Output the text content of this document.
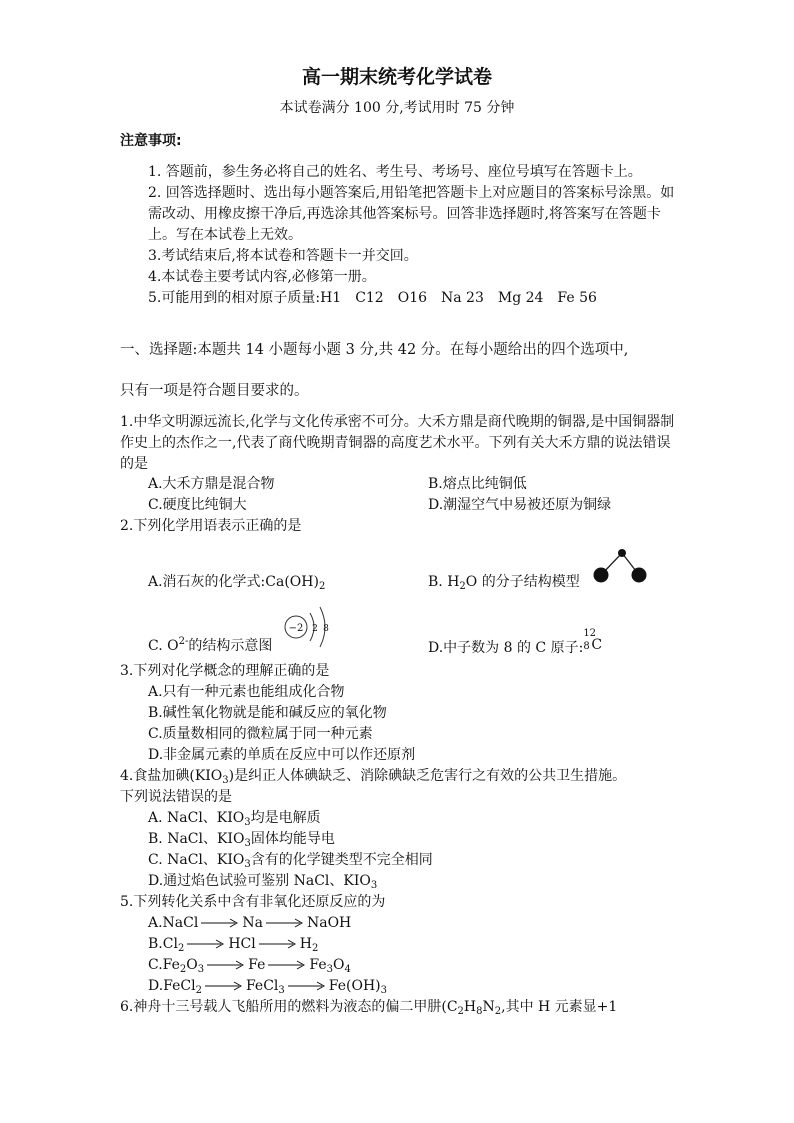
高一期末统考化学试卷
本试卷满分 100 分,考试用时 75 分钟
注意事项:

1. 答题前，参生务必将自己的姓名、考生号、考场号、座位号填写在答题卡上。

2. 回答选择题时、选出每小题答案后,用铅笔把答题卡上对应题目的答案标号涂黑。如需改动、用橡皮擦干净后,再选涂其他答案标号。回答非选择题时,将答案写在答题卡上。写在本试卷上无效。

3.考试结束后,将本试卷和答题卡一并交回。

4.本试卷主要考试内容,必修第一册。

5.可能用到的相对原子质量:H1　C12　O16　Na 23　Mg 24　Fe 56

一、选择题:本题共 14 小题每小题 3 分,共 42 分。在每小题给出的四个选项中,
只有一项是符合题目要求的。

1.中华文明源远流长,化学与文化传承密不可分。大禾方鼎是商代晚期的铜器,是中国铜器制作史上的杰作之一,代表了商代晚期青铜器的高度艺术水平。下列有关大禾方鼎的说法错误的是

A.大禾方鼎是混合物	B.熔点比纯铜低
C.硬度比纯铜大	D.潮湿空气中易被还原为铜绿
2.下列化学用语表示正确的是
A.消石灰的化学式$:Ca(OH)_2$	B. $H_2O$ 的分子结构模型
C. $O^{2-}$的结构示意图
−2 2 8
D.中子数为 8 的 C 原子:
12
8 C
3.下列对化学概念的理解正确的是
A.只有一种元素也能组成化合物
B.碱性氧化物就是能和碱反应的氧化物
C.质量数相同的微粒属于同一种元素
D.非金属元素的单质在反应中可以作还原剂
4.食盐加碘$(KIO_3)$是纠正人体碘缺乏、消除碘缺乏危害行之有效的公共卫生措施。
下列说法错误的是
A. NaCl、$KIO_3$均是电解质
B. NaCl、$KIO_3$固体均能导电
C. NaCl、$KIO_3$含有的化学键类型不完全相同
D.通过焰色试验可鉴别 NaCl、$KIO_3$
5.下列转化关系中含有非氧化还原反应的为
A.NaCl	Na	NaOH
$B.Cl_2$	HCl	$H_2$
$C.Fe_2O_3$	Fe	$Fe_3O_4$
D.FeCl$_2$	FeCl$_3$	$Fe(OH)_3$
6.神舟十三号载人飞船所用的燃料为液态的偏二甲肼($C_2H_8N_2$,其中 H 元素显+1
